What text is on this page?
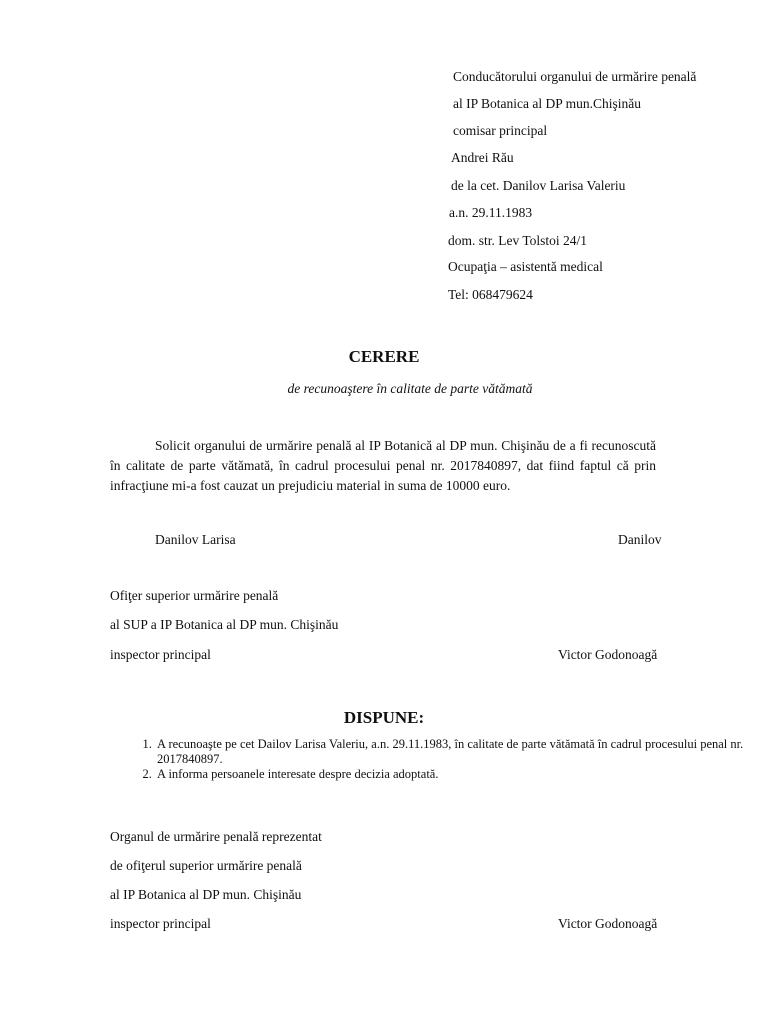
Conducătorului organului de urmărire penală
al IP Botanica al DP mun.Chişinău
comisar principal
Andrei Rău
de la cet. Danilov Larisa Valeriu
a.n. 29.11.1983
dom. str. Lev Tolstoi 24/1
Ocupaţia – asistentă medical
Tel: 068479624
CERERE
de recunoaştere în calitate de parte vătămată
Solicit organului de urmărire penală al IP Botanică al DP mun. Chişinău de a fi recunoscută în calitate de parte vătămată, în cadrul procesului penal nr. 2017840897, dat fiind faptul că prin infracţiune mi-a fost cauzat un prejudiciu material in suma de 10000 euro.
Danilov Larisa	Danilov
Ofiţer superior urmărire penală
al SUP a IP Botanica al DP mun. Chişinău
inspector principal	Victor Godonoagă
DISPUNE:
1. A recunoaşte pe cet Dailov Larisa Valeriu, a.n. 29.11.1983, în calitate de parte vătămată în cadrul procesului penal nr. 2017840897.
2. A informa persoanele interesate despre decizia adoptată.
Organul de urmărire penală reprezentat
de ofiţerul superior urmărire penală
al IP Botanica al DP mun. Chişinău
inspector principal	Victor Godonoagă
